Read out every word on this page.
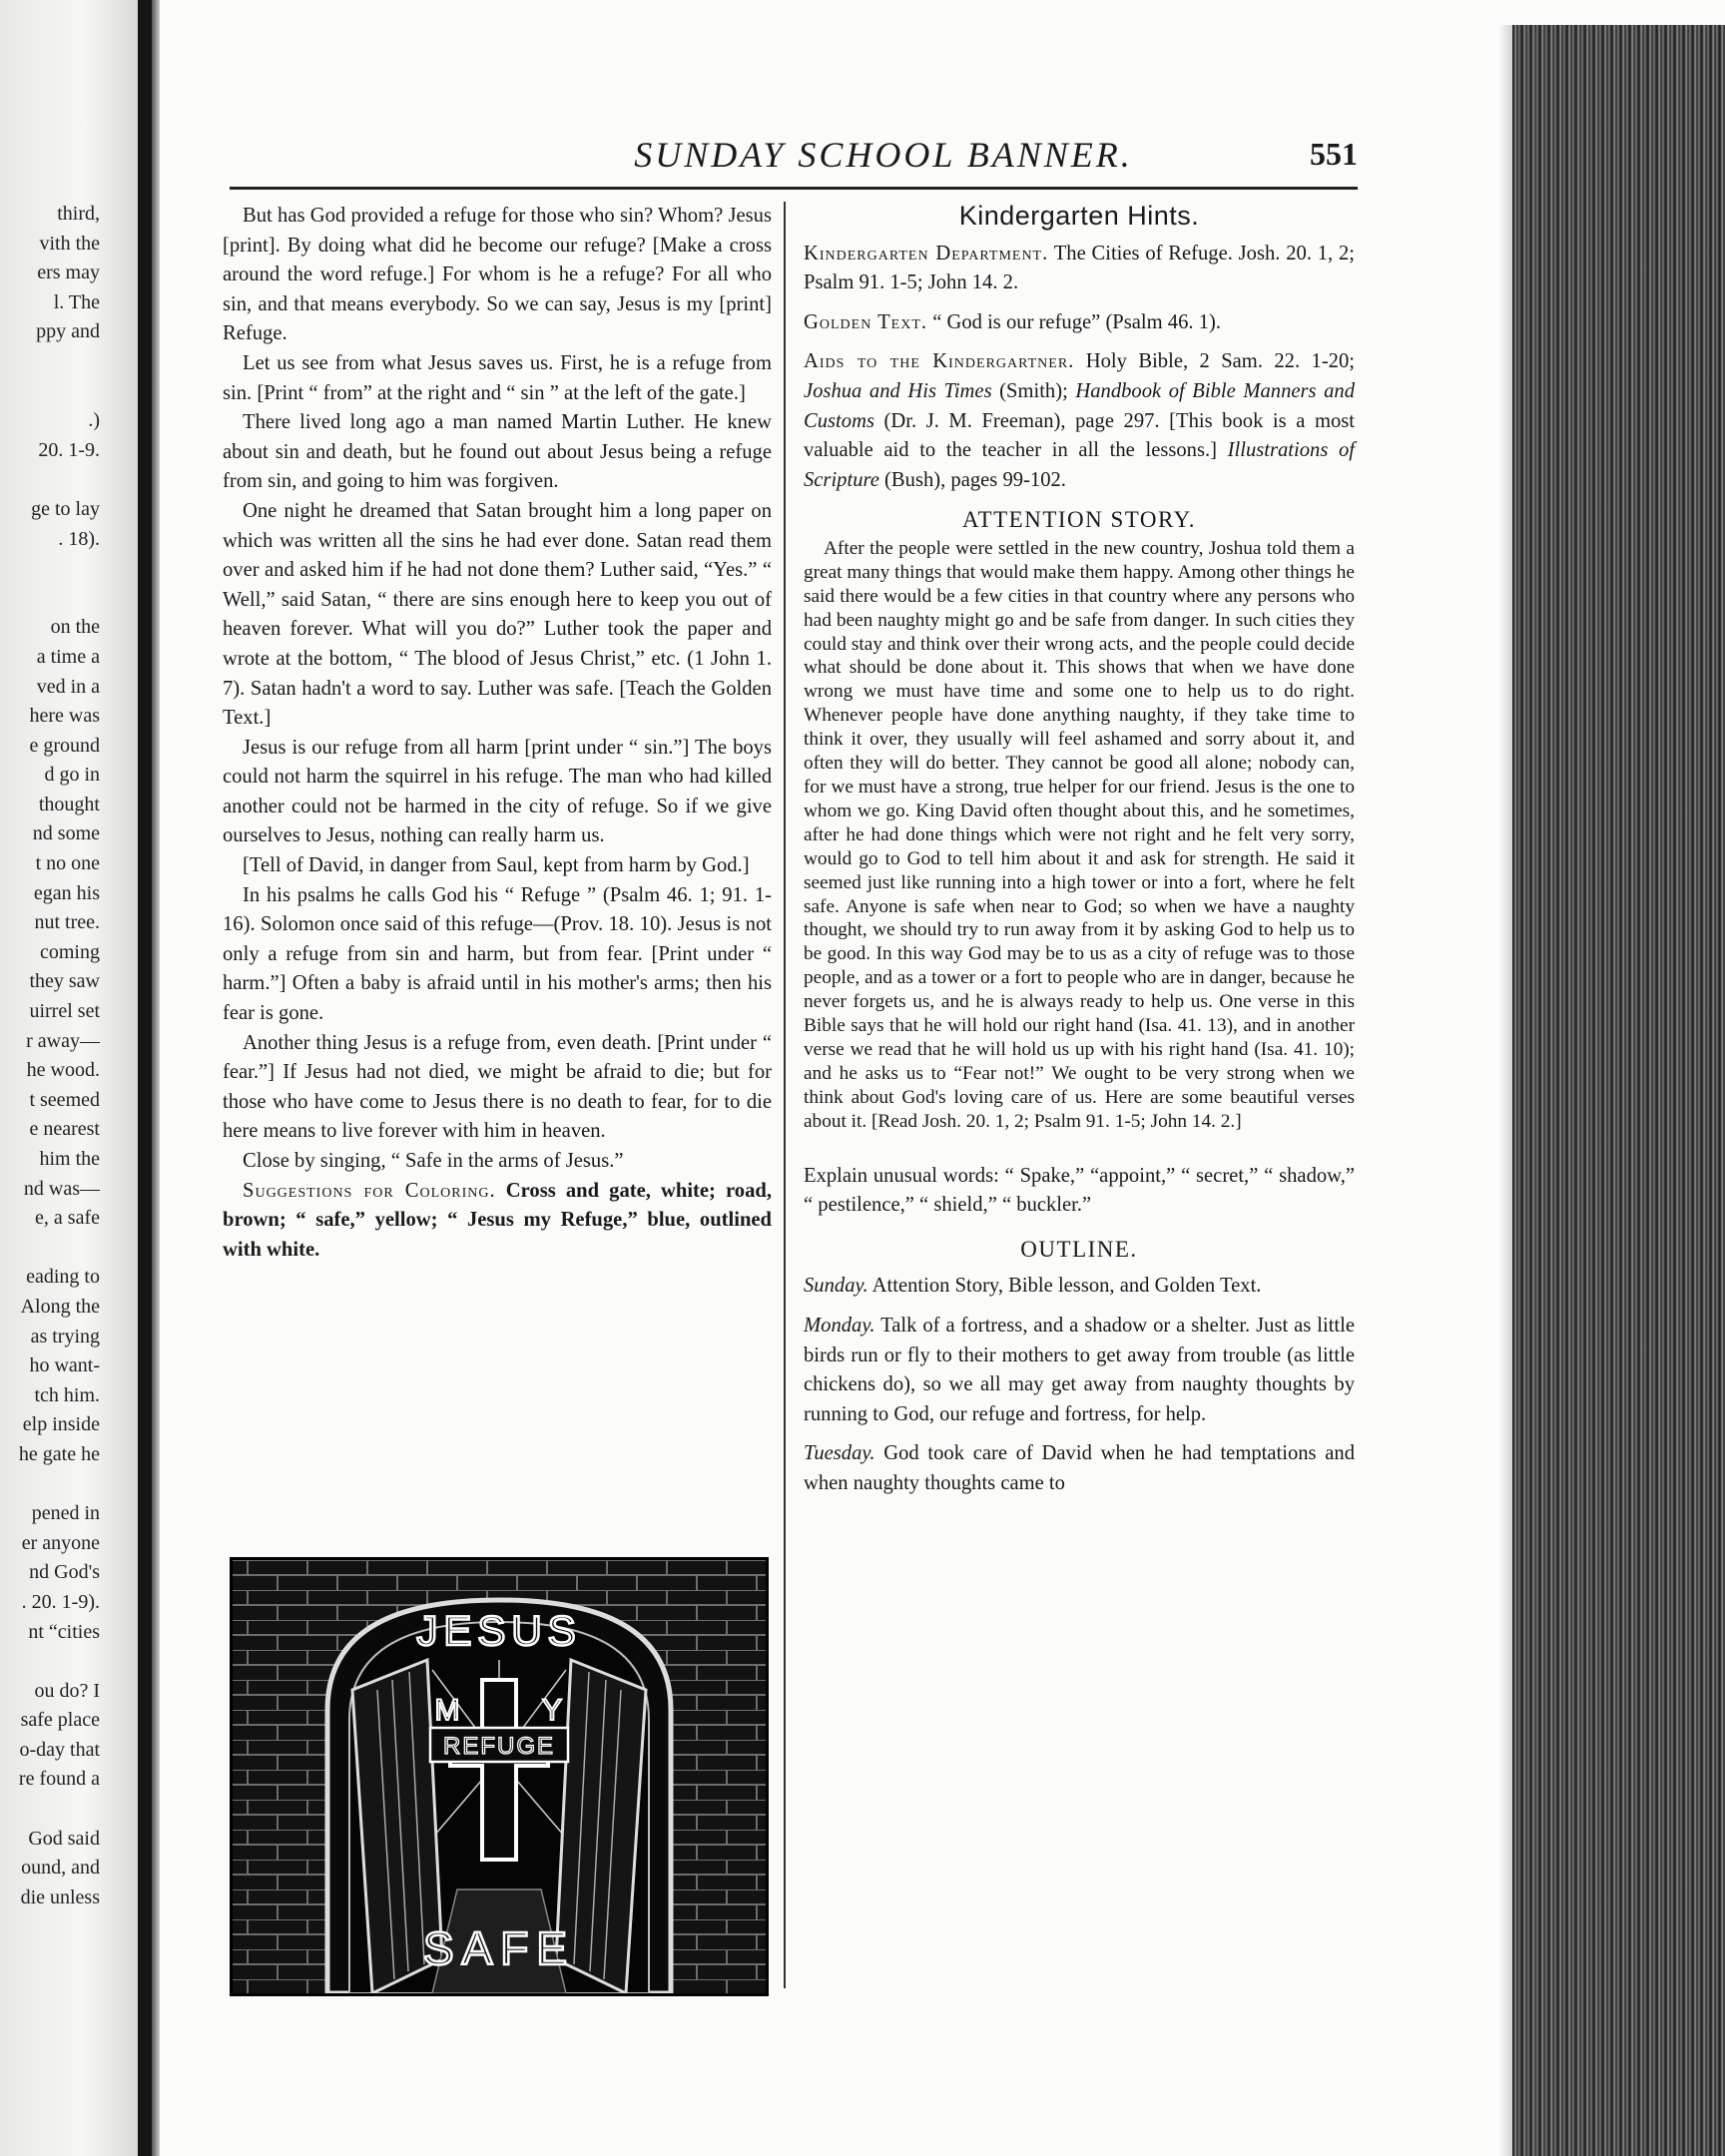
third,
vith the
ers may
l. The
ppy and

.)
20. 1-9.

ge to lay
. 18).

on the
a time a
ved in a
here was
e ground
d go in
thought
nd some
t no one
egan his
nut tree.
coming
they saw
uirrel set
r away—
he wood.
t seemed
e nearest
him the
nd was—
e, a safe

eading to
Along the
as trying
ho want-
tch him.
elp inside
he gate he

pened in
er anyone
nd God's
. 20. 1-9).
nt “cities

ou do? I
safe place
o-day that
re found a

God said
ound, and
die unless
SUNDAY SCHOOL BANNER.	551

But has God provided a refuge for those who sin? Whom? Jesus [print]. By doing what did he become our refuge? [Make a cross around the word refuge.] For whom is he a refuge? For all who sin, and that means everybody. So we can say, Jesus is my [print] Refuge.

Let us see from what Jesus saves us. First, he is a refuge from sin. [Print “ from” at the right and “ sin ” at the left of the gate.]

There lived long ago a man named Martin Luther. He knew about sin and death, but he found out about Jesus being a refuge from sin, and going to him was forgiven.

One night he dreamed that Satan brought him a long paper on which was written all the sins he had ever done. Satan read them over and asked him if he had not done them? Luther said, “Yes.” “ Well,” said Satan, “ there are sins enough here to keep you out of heaven forever. What will you do?” Luther took the paper and wrote at the bottom, “ The blood of Jesus Christ,” etc. (1 John 1. 7). Satan hadn't a word to say. Luther was safe. [Teach the Golden Text.]

Jesus is our refuge from all harm [print under “ sin.”] The boys could not harm the squirrel in his refuge. The man who had killed another could not be harmed in the city of refuge. So if we give ourselves to Jesus, nothing can really harm us.

[Tell of David, in danger from Saul, kept from harm by God.]

In his psalms he calls God his “ Refuge ” (Psalm 46. 1; 91. 1-16). Solomon once said of this refuge—(Prov. 18. 10). Jesus is not only a refuge from sin and harm, but from fear. [Print under “ harm.”] Often a baby is afraid until in his mother's arms; then his fear is gone.

Another thing Jesus is a refuge from, even death. [Print under “ fear.”] If Jesus had not died, we might be afraid to die; but for those who have come to Jesus there is no death to fear, for to die here means to live forever with him in heaven.

Close by singing, “ Safe in the arms of Jesus.”

Suggestions for Coloring. Cross and gate, white; road, brown; “ safe,” yellow; “ Jesus my Refuge,” blue, outlined with white.

JESUS
M	Y
REFUGE
SAFE
Kindergarten Hints.

Kindergarten Department. The Cities of Refuge. Josh. 20. 1, 2; Psalm 91. 1-5; John 14. 2.

Golden Text. “ God is our refuge” (Psalm 46. 1).

Aids to the Kindergartner. Holy Bible, 2 Sam. 22. 1-20; Joshua and His Times (Smith); Handbook of Bible Manners and Customs (Dr. J. M. Freeman), page 297. [This book is a most valuable aid to the teacher in all the lessons.] Illustrations of Scripture (Bush), pages 99-102.

ATTENTION STORY.
After the people were settled in the new country, Joshua told them a great many things that would make them happy. Among other things he said there would be a few cities in that country where any persons who had been naughty might go and be safe from danger. In such cities they could stay and think over their wrong acts, and the people could decide what should be done about it. This shows that when we have done wrong we must have time and some one to help us to do right. Whenever people have done anything naughty, if they take time to think it over, they usually will feel ashamed and sorry about it, and often they will do better. They cannot be good all alone; nobody can, for we must have a strong, true helper for our friend. Jesus is the one to whom we go. King David often thought about this, and he sometimes, after he had done things which were not right and he felt very sorry, would go to God to tell him about it and ask for strength. He said it seemed just like running into a high tower or into a fort, where he felt safe. Anyone is safe when near to God; so when we have a naughty thought, we should try to run away from it by asking God to help us to be good. In this way God may be to us as a city of refuge was to those people, and as a tower or a fort to people who are in danger, because he never forgets us, and he is always ready to help us. One verse in this Bible says that he will hold our right hand (Isa. 41. 13), and in another verse we read that he will hold us up with his right hand (Isa. 41. 10); and he asks us to “Fear not!” We ought to be very strong when we think about God's loving care of us. Here are some beautiful verses about it. [Read Josh. 20. 1, 2; Psalm 91. 1-5; John 14. 2.]

Explain unusual words: “ Spake,” “appoint,” “ secret,” “ shadow,” “ pestilence,” “ shield,” “ buckler.”

OUTLINE.

Sunday. Attention Story, Bible lesson, and Golden Text.

Monday. Talk of a fortress, and a shadow or a shelter. Just as little birds run or fly to their mothers to get away from trouble (as little chickens do), so we all may get away from naughty thoughts by running to God, our refuge and fortress, for help.

Tuesday. God took care of David when he had temptations and when naughty thoughts came to
